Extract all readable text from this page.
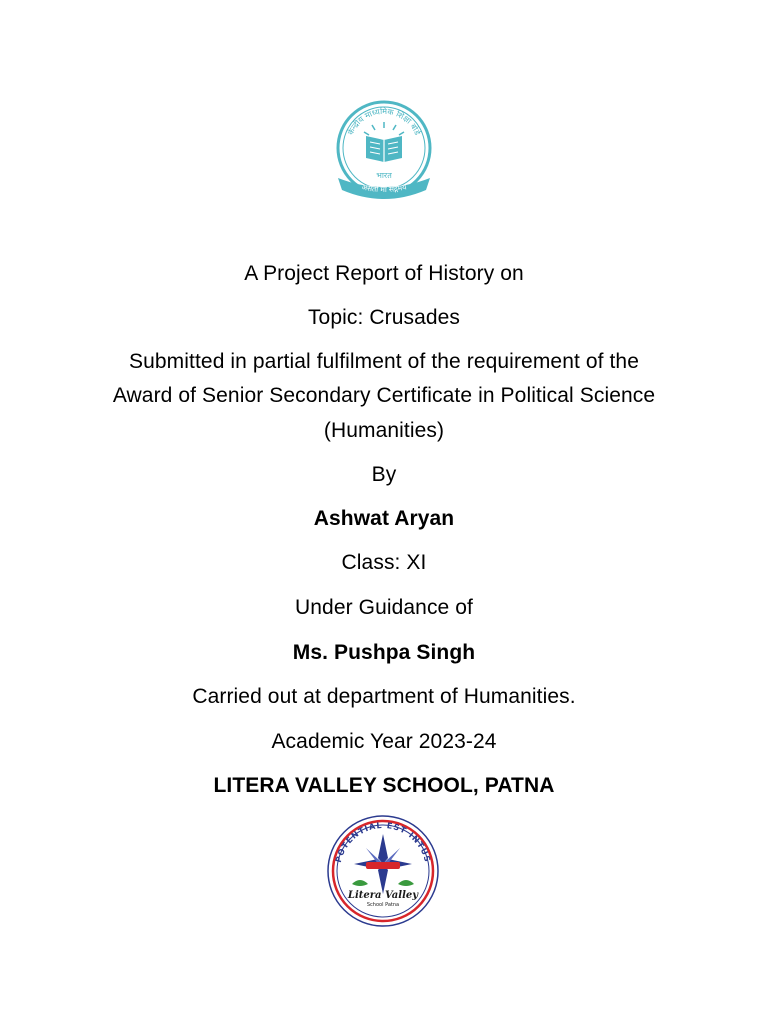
केन्द्रीय माध्यमिक शिक्षा बोर्ड
भारत
असतो मा सद्गमय
A Project Report of History on
Topic: Crusades
Submitted in partial fulfilment of the requirement of the
Award of Senior Secondary Certificate in Political Science
(Humanities)
By
Ashwat Aryan
Class: XI
Under Guidance of
Ms. Pushpa Singh
Carried out at department of Humanities.
Academic Year 2023-24
LITERA VALLEY SCHOOL, PATNA
POTENTIAL EST INTUS
Litera Valley
School Patna
